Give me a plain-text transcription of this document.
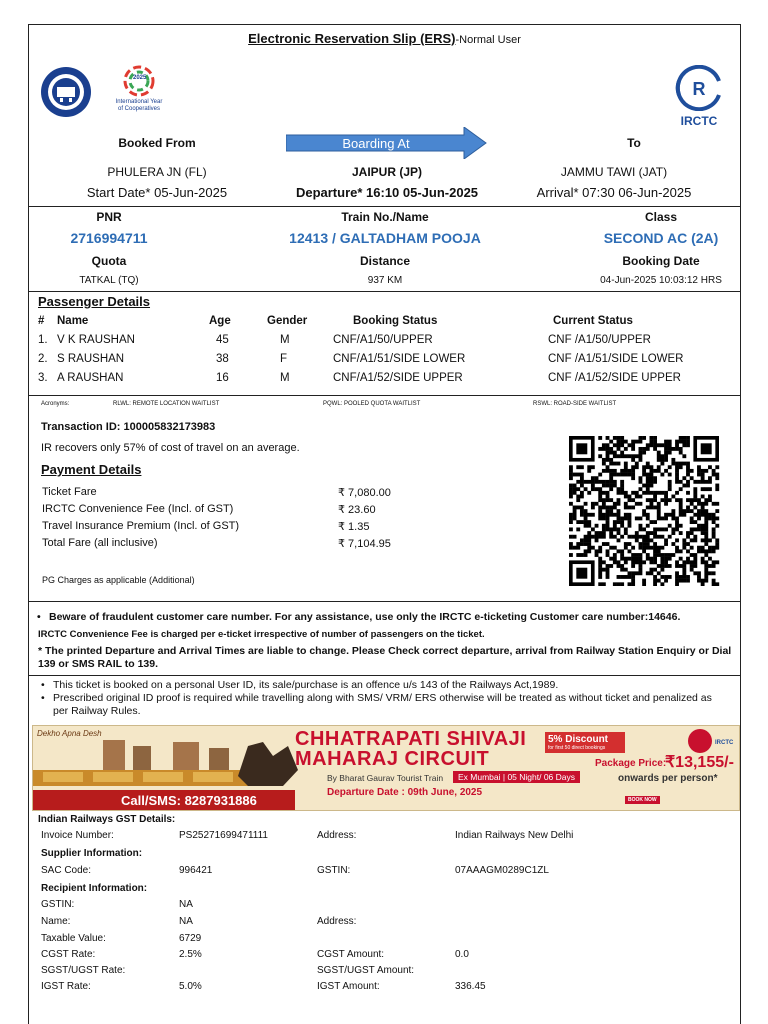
Electronic Reservation Slip (ERS)-Normal User
2025
International Year
of Cooperatives
R
IRCTC
Booked From	Boarding At	To
PHULERA JN (FL)	JAIPUR (JP)	JAMMU TAWI (JAT)
Start Date* 05-Jun-2025	Departure* 16:10 05-Jun-2025	Arrival* 07:30 06-Jun-2025
PNR	Train No./Name	Class
2716994711	12413 / GALTADHAM POOJA	SECOND AC (2A)
Quota	Distance	Booking Date
TATKAL (TQ)	937 KM	04-Jun-2025 10:03:12 HRS
Passenger Details
# Name	Age	Gender	Booking Status	Current Status
1. V K RAUSHAN	45	M	CNF/A1/50/UPPER	CNF /A1/50/UPPER
2. S RAUSHAN	38	F	CNF/A1/51/SIDE LOWER	CNF /A1/51/SIDE LOWER
3. A RAUSHAN	16	M	CNF/A1/52/SIDE UPPER	CNF /A1/52/SIDE UPPER
Acronyms:	RLWL: REMOTE LOCATION WAITLIST	PQWL: POOLED QUOTA WAITLIST	RSWL: ROAD-SIDE WAITLIST
Transaction ID: 100005832173983
IR recovers only 57% of cost of travel on an average.
Payment Details
Ticket Fare	₹ 7,080.00
IRCTC Convenience Fee (Incl. of GST)	₹ 23.60
Travel Insurance Premium (Incl. of GST)	₹ 1.35
Total Fare (all inclusive)	₹ 7,104.95
PG Charges as applicable (Additional)
• Beware of fraudulent customer care number. For any assistance, use only the IRCTC e-ticketing Customer care number:14646.
IRCTC Convenience Fee is charged per e-ticket irrespective of number of passengers on the ticket.
* The printed Departure and Arrival Times are liable to change. Please Check correct departure, arrival from Railway Station Enquiry or Dial 139 or SMS RAIL to 139.
• This ticket is booked on a personal User ID, its sale/purchase is an offence u/s 143 of the Railways Act,1989.
• Prescribed original ID proof is required while travelling along with SMS/ VRM/ ERS otherwise will be treated as without ticket and penalized as per Railway Rules.
Dekho Apna Desh
Call/SMS: 8287931886
CHHATRAPATI SHIVAJI
MAHARAJ CIRCUIT
By Bharat Gaurav Tourist Train	Ex Mumbai | 05 Night/ 06 Days
Departure Date : 09th June, 2025
5% Discount
for first 50 direct bookings
Package Price:
₹13,155/-
onwards per person*
IRCTC
BOOK NOW
Indian Railways GST Details:
Invoice Number:	PS25271699471111	Address:	Indian Railways New Delhi
Supplier Information:
SAC Code:	996421	GSTIN:	07AAAGM0289C1ZL
Recipient Information:
GSTIN:	NA
Name:	NA	Address:
Taxable Value:	6729
CGST Rate:	2.5%	CGST Amount:	0.0
SGST/UGST Rate:	SGST/UGST Amount:
IGST Rate:	5.0%	IGST Amount:	336.45
